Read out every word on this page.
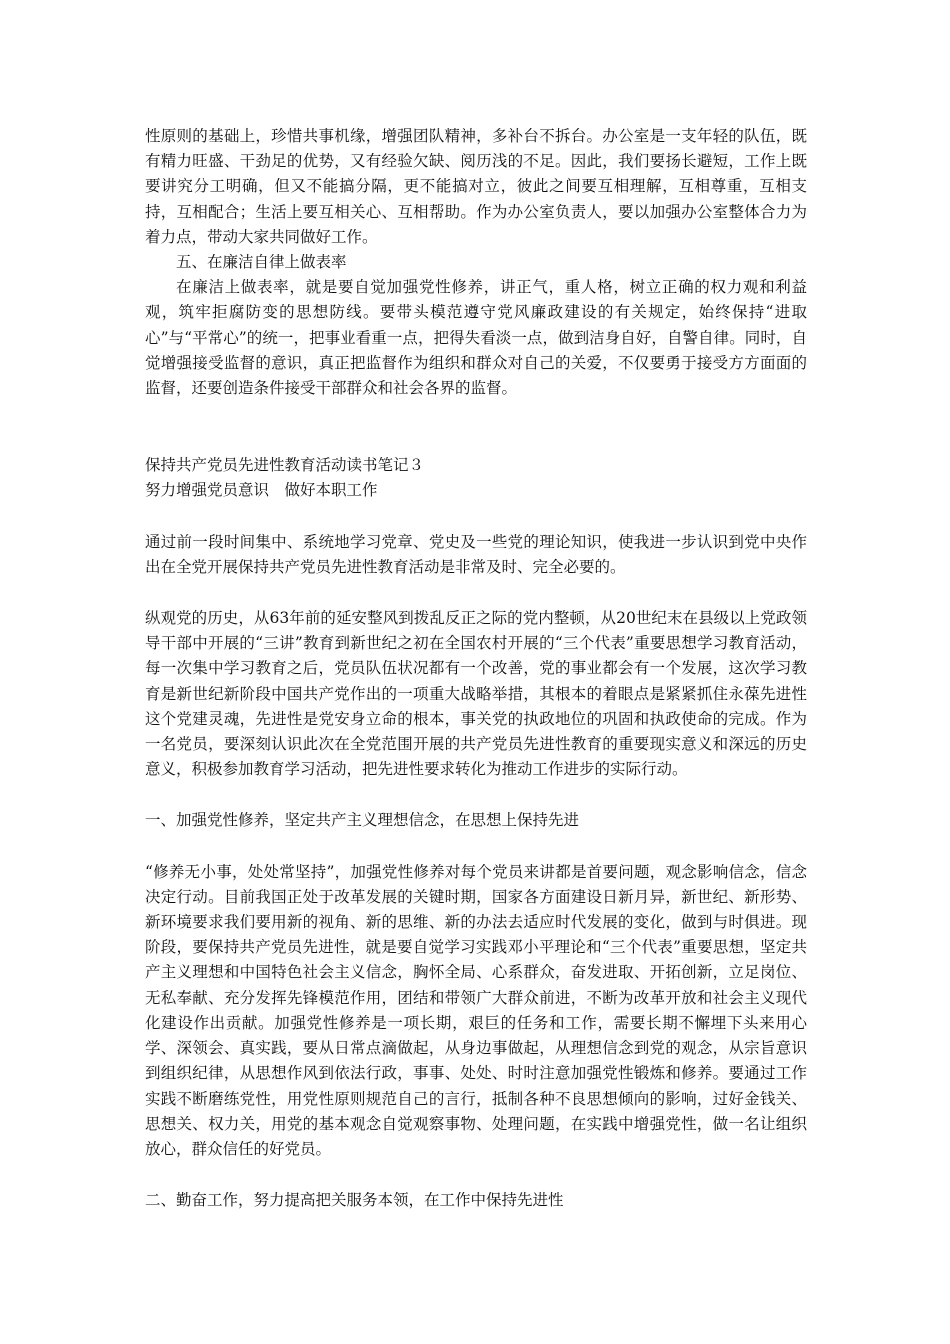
性原则的基础上，珍惜共事机缘，增强团队精神，多补台不拆台。办公室是一支年轻的队伍，既有精力旺盛、干劲足的优势，又有经验欠缺、阅历浅的不足。因此，我们要扬长避短，工作上既要讲究分工明确，但又不能搞分隔，更不能搞对立，彼此之间要互相理解，互相尊重，互相支持，互相配合；生活上要互相关心、互相帮助。作为办公室负责人，要以加强办公室整体合力为着力点，带动大家共同做好工作。

五、在廉洁自律上做表率

在廉洁上做表率，就是要自觉加强党性修养，讲正气，重人格，树立正确的权力观和利益观，筑牢拒腐防变的思想防线。要带头模范遵守党风廉政建设的有关规定，始终保持“进取心”与“平常心”的统一，把事业看重一点，把得失看淡一点，做到洁身自好，自警自律。同时，自觉增强接受监督的意识，真正把监督作为组织和群众对自己的关爱，不仅要勇于接受方方面面的监督，还要创造条件接受干部群众和社会各界的监督。

保持共产党员先进性教育活动读书笔记３

努力增强党员意识　做好本职工作

通过前一段时间集中、系统地学习党章、党史及一些党的理论知识，使我进一步认识到党中央作出在全党开展保持共产党员先进性教育活动是非常及时、完全必要的。

纵观党的历史，从63年前的延安整风到拨乱反正之际的党内整顿，从20世纪末在县级以上党政领导干部中开展的“三讲”教育到新世纪之初在全国农村开展的“三个代表”重要思想学习教育活动，每一次集中学习教育之后，党员队伍状况都有一个改善，党的事业都会有一个发展，这次学习教育是新世纪新阶段中国共产党作出的一项重大战略举措，其根本的着眼点是紧紧抓住永葆先进性这个党建灵魂，先进性是党安身立命的根本，事关党的执政地位的巩固和执政使命的完成。作为一名党员，要深刻认识此次在全党范围开展的共产党员先进性教育的重要现实意义和深远的历史意义，积极参加教育学习活动，把先进性要求转化为推动工作进步的实际行动。

一、加强党性修养，坚定共产主义理想信念，在思想上保持先进

“修养无小事，处处常坚持”，加强党性修养对每个党员来讲都是首要问题，观念影响信念，信念决定行动。目前我国正处于改革发展的关键时期，国家各方面建设日新月异，新世纪、新形势、新环境要求我们要用新的视角、新的思维、新的办法去适应时代发展的变化，做到与时俱进。现阶段，要保持共产党员先进性，就是要自觉学习实践邓小平理论和“三个代表”重要思想，坚定共产主义理想和中国特色社会主义信念，胸怀全局、心系群众，奋发进取、开拓创新，立足岗位、无私奉献、充分发挥先锋模范作用，团结和带领广大群众前进，不断为改革开放和社会主义现代化建设作出贡献。加强党性修养是一项长期，艰巨的任务和工作，需要长期不懈埋下头来用心学、深领会、真实践，要从日常点滴做起，从身边事做起，从理想信念到党的观念，从宗旨意识到组织纪律，从思想作风到依法行政，事事、处处、时时注意加强党性锻炼和修养。要通过工作实践不断磨练党性，用党性原则规范自己的言行，抵制各种不良思想倾向的影响，过好金钱关、思想关、权力关，用党的基本观念自觉观察事物、处理问题，在实践中增强党性，做一名让组织放心，群众信任的好党员。

二、勤奋工作，努力提高把关服务本领，在工作中保持先进性
